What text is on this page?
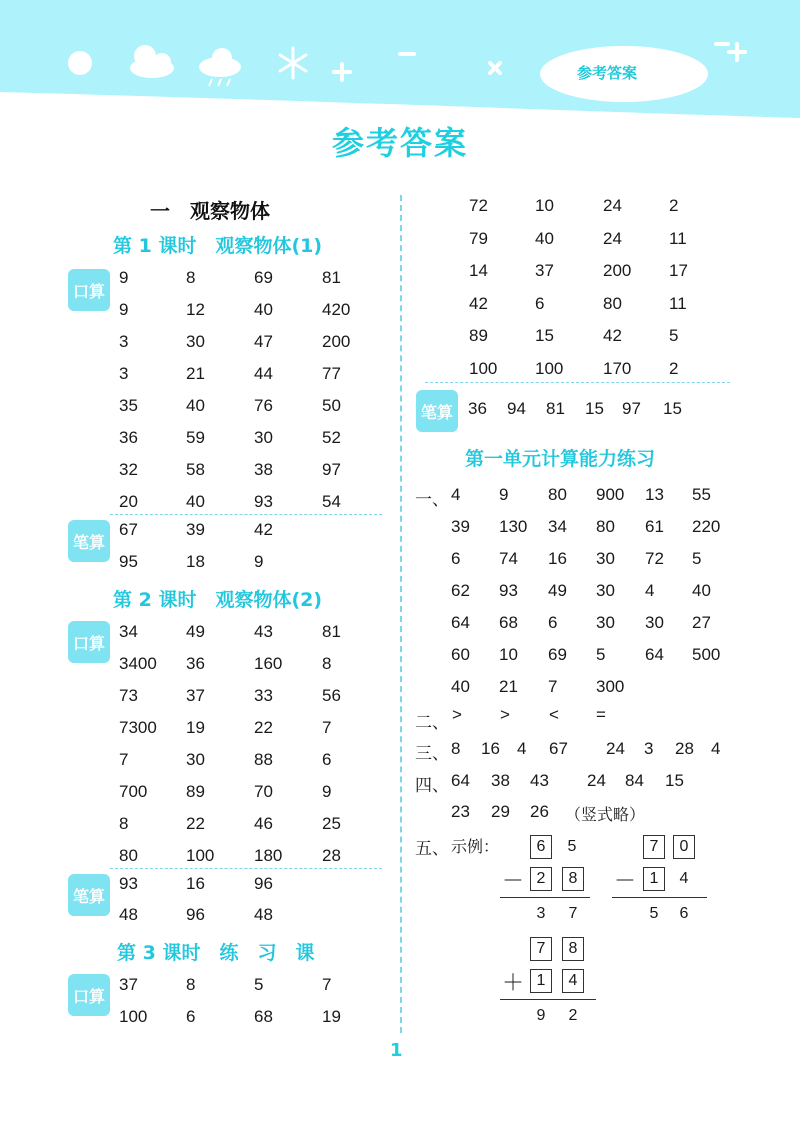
参考答案
参考答案
一　观察物体
第 1 课时　观察物体(1)
口算
9	8	69	81
9	12	40	420
3	30	47	200
3	21	44	77
35	40	76	50
36	59	30	52
32	58	38	97
20	40	93	54
笔算
67	39	42
95	18	9
第 2 课时　观察物体(2)
口算
34	49	43	81
3400 36	160 8
73	37	33	56
7300 19	22	7
7	30	88	6
700 89	70	9
8	22	46	25
80	100 180 28
笔算
93	16	96
48	96	48
第 3 课时　练　习　课
口算
37	8	5	7
100 6	68	19
72	10	24	2
79	40	24	11
14	37	200 17
42	6	80	11
89	15	42	5
100 100 170 2
笔算 36 94 81 15 97 15
第一单元计算能力练习
一、 4 9 80 900 13 55
39 130 34 80 61 220
6 74 16 30 72 5
62 93 49 30 4 40
64 68 6 30 30 27
60 10 69 5 64 500
40 21 7 300
二、 > > < =
三、 8 16 4 67 24 3 28 4
四、 64 38 43 24 84 15
23 29 26 （竖式略）
五、 示例：	6	5
－ 2	8
3	7
7	0
－ 1	4
5	6
7	8
＋ 1	4
9	2
1
